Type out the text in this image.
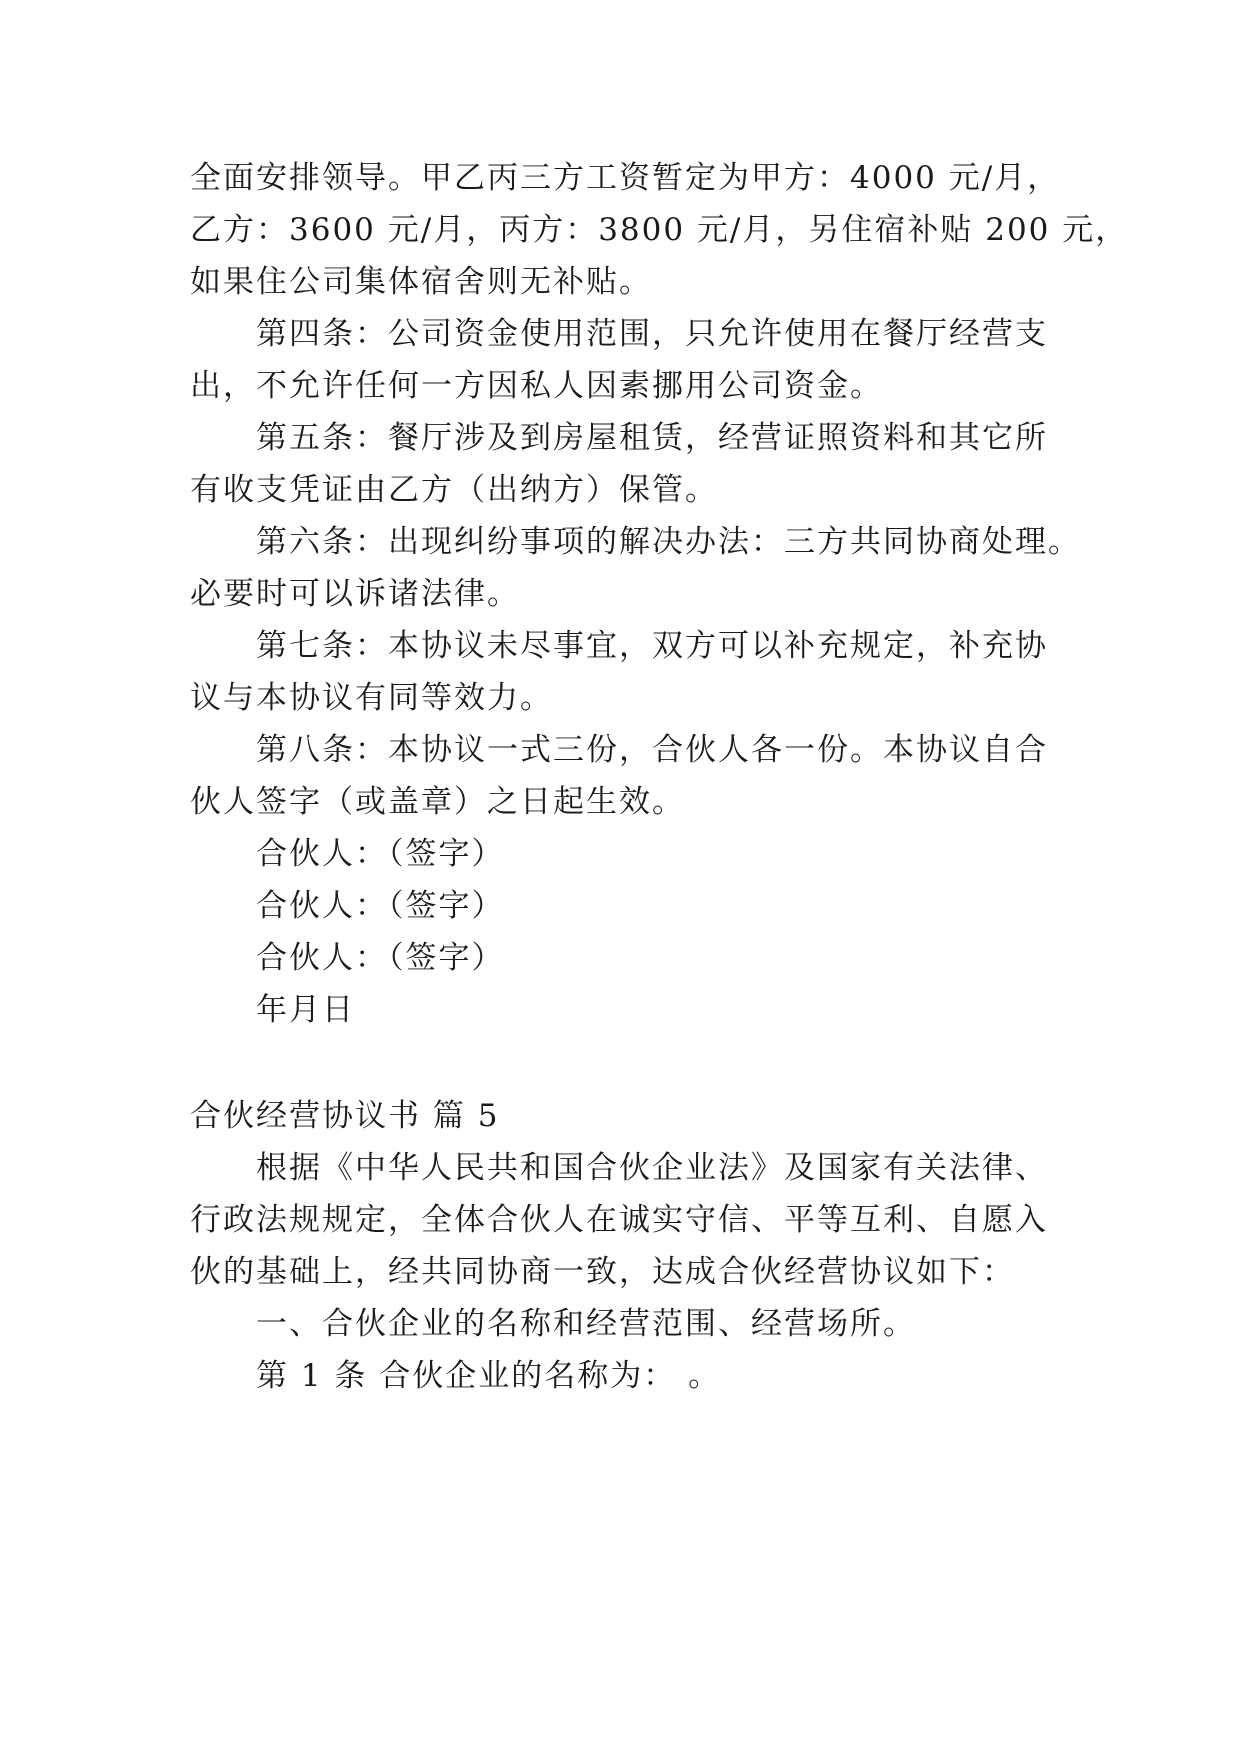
全面安排领导。甲乙丙三方工资暂定为甲方：4000 元/月，
乙方：3600 元/月，丙方：3800 元/月，另住宿补贴 200 元，
如果住公司集体宿舍则无补贴。
第四条：公司资金使用范围，只允许使用在餐厅经营支
出，不允许任何一方因私人因素挪用公司资金。
第五条：餐厅涉及到房屋租赁，经营证照资料和其它所
有收支凭证由乙方（出纳方）保管。
第六条：出现纠纷事项的解决办法：三方共同协商处理。
必要时可以诉诸法律。
第七条：本协议未尽事宜，双方可以补充规定，补充协
议与本协议有同等效力。
第八条：本协议一式三份，合伙人各一份。本协议自合
伙人签字（或盖章）之日起生效。
合伙人：（签字）
合伙人：（签字）
合伙人：（签字）
年月日
合伙经营协议书 篇 5
根据《中华人民共和国合伙企业法》及国家有关法律、
行政法规规定，全体合伙人在诚实守信、平等互利、自愿入
伙的基础上，经共同协商一致，达成合伙经营协议如下：
一、合伙企业的名称和经营范围、经营场所。
第 1 条 合伙企业的名称为： 。
